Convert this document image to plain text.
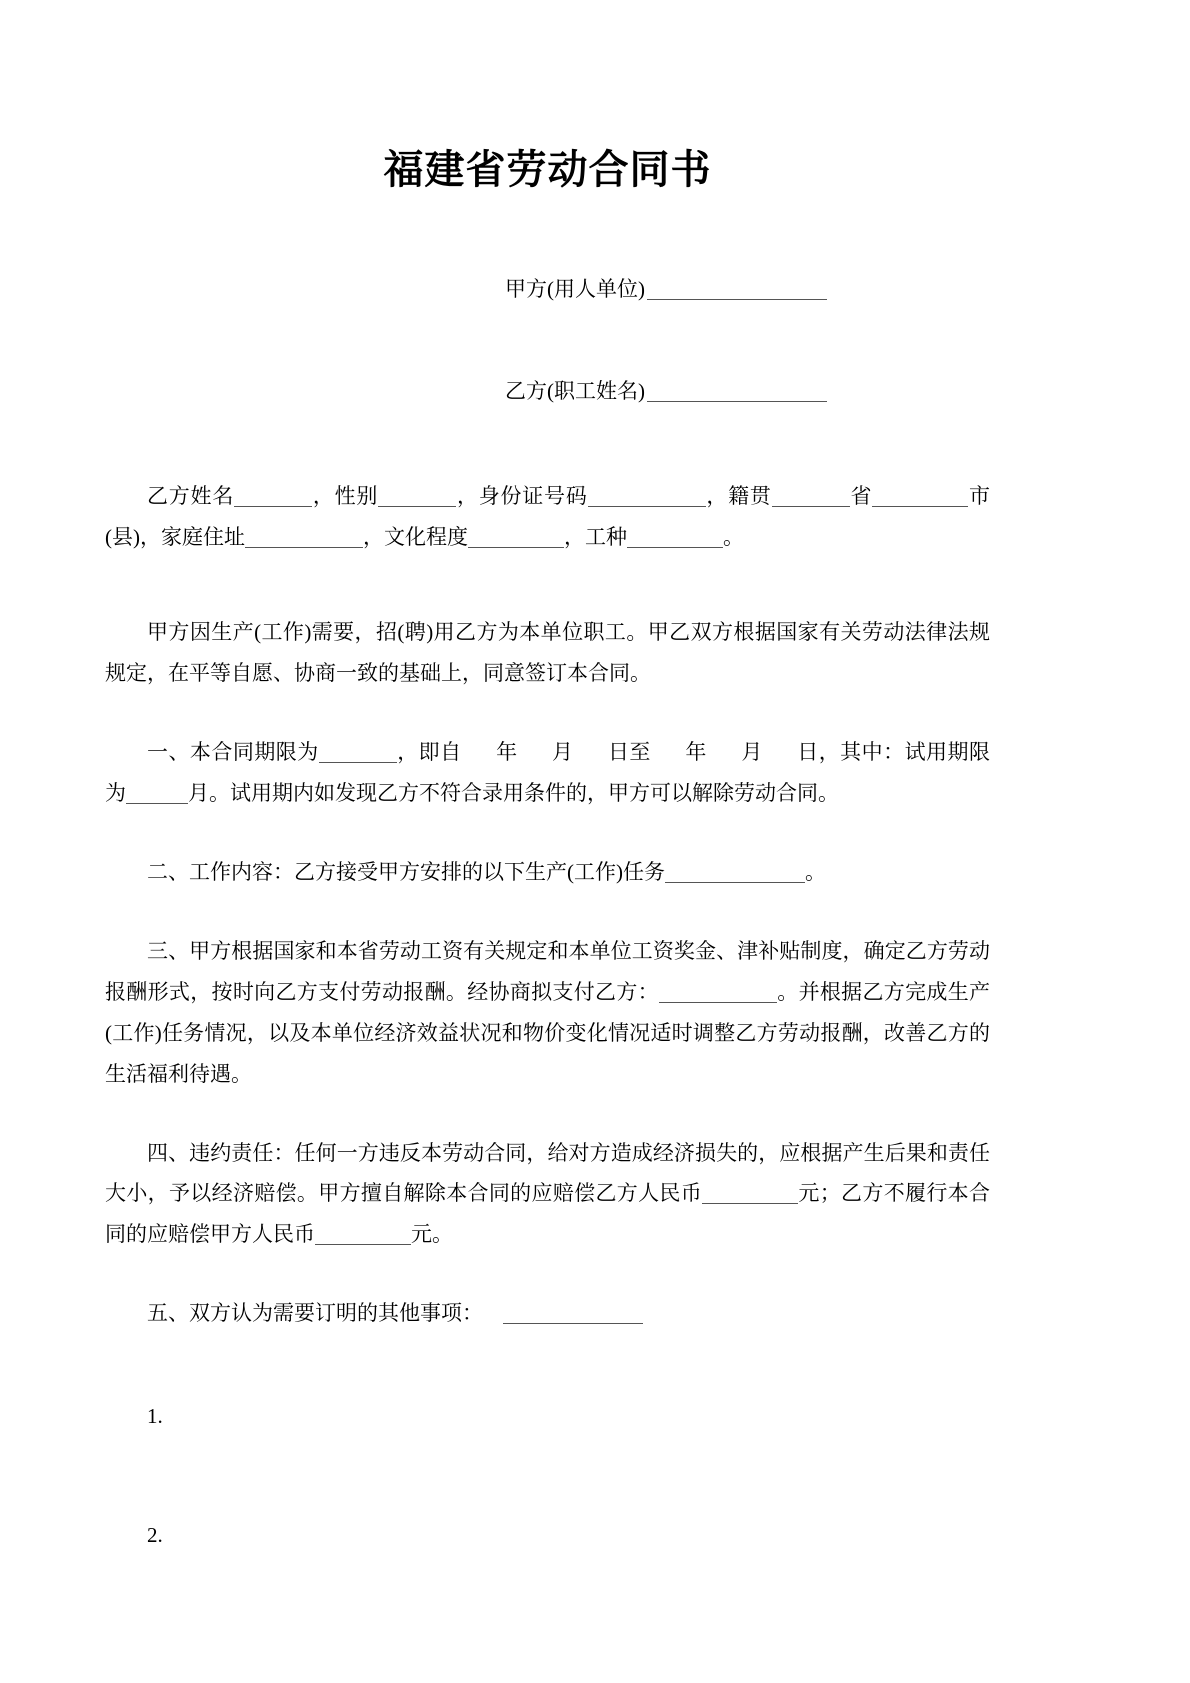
福建省劳动合同书
甲方(用人单位)
乙方(职工姓名)

乙方姓名	，性别	，身份证号码	，籍贯	省	市(县)，家庭住址	，文化程度	，工种	。

甲方因生产(工作)需要，招(聘)用乙方为本单位职工。甲乙双方根据国家有关劳动法律法规规定，在平等自愿、协商一致的基础上，同意签订本合同。

一、本合同期限为	，即自 年 月 日至 年 月 日，其中：试用期限为	月。试用期内如发现乙方不符合录用条件的，甲方可以解除劳动合同。

二、工作内容：乙方接受甲方安排的以下生产(工作)任务	。

三、甲方根据国家和本省劳动工资有关规定和本单位工资奖金、津补贴制度，确定乙方劳动报酬形式，按时向乙方支付劳动报酬。经协商拟支付乙方：	。并根据乙方完成生产(工作)任务情况，以及本单位经济效益状况和物价变化情况适时调整乙方劳动报酬，改善乙方的生活福利待遇。

四、违约责任：任何一方违反本劳动合同，给对方造成经济损失的，应根据产生后果和责任大小，予以经济赔偿。甲方擅自解除本合同的应赔偿乙方人民币	元；乙方不履行本合同的应赔偿甲方人民币	元。

五、双方认为需要订明的其他事项：

1.

2.
